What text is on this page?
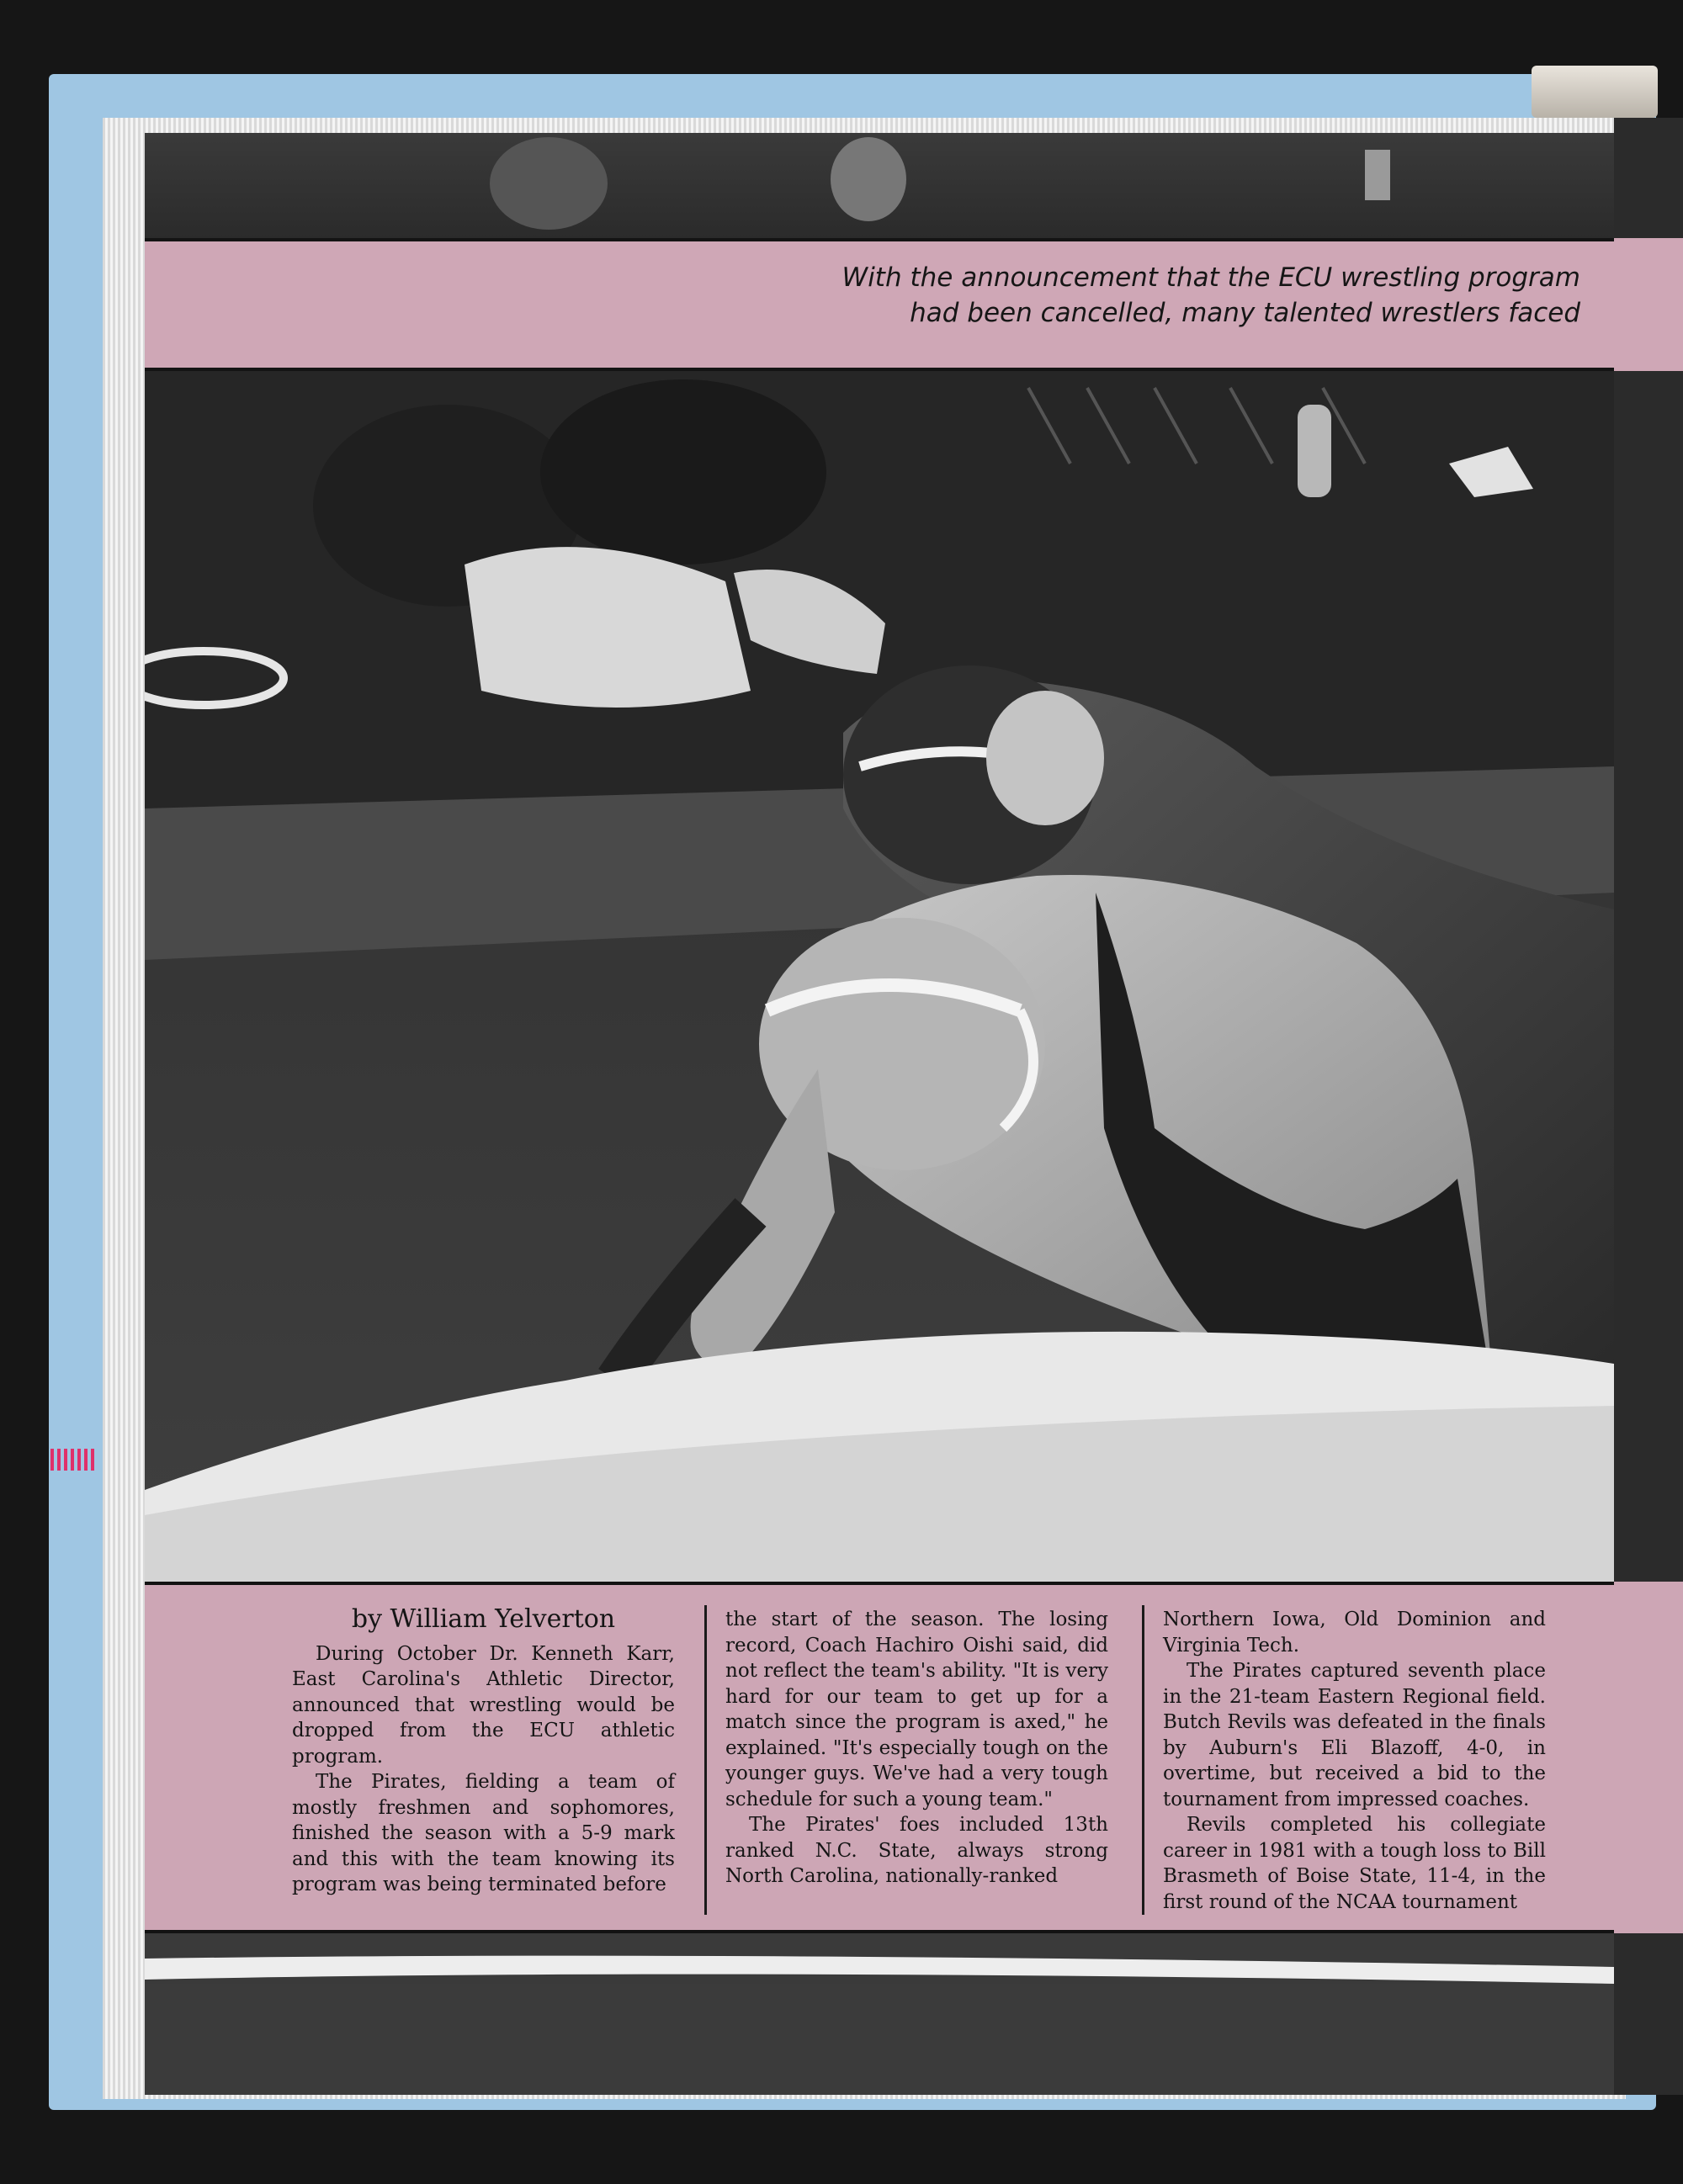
With the announcement that the ECU wrestling program
had been cancelled, many talented wrestlers faced

by William Yelverton

During October Dr. Kenneth Karr, East Carolina's Athletic Director, announced that wrestling would be dropped from the ECU athletic program.

The Pirates, fielding a team of mostly freshmen and sophomores, finished the season with a 5-9 mark and this with the team knowing its program was being terminated before

the start of the season. The losing record, Coach Hachiro Oishi said, did not reflect the team's ability. "It is very hard for our team to get up for a match since the program is axed," he explained. "It's especially tough on the younger guys. We've had a very tough schedule for such a young team."

The Pirates' foes included 13th ranked N.C. State, always strong North Carolina, nationally-ranked

Northern Iowa, Old Dominion and Virginia Tech.

The Pirates captured seventh place in the 21-team Eastern Regional field. Butch Revils was defeated in the finals by Auburn's Eli Blazoff, 4-0, in overtime, but received a bid to the tournament from impressed coaches.

Revils completed his collegiate career in 1981 with a tough loss to Bill Brasmeth of Boise State, 11-4, in the first round of the NCAA tournament
